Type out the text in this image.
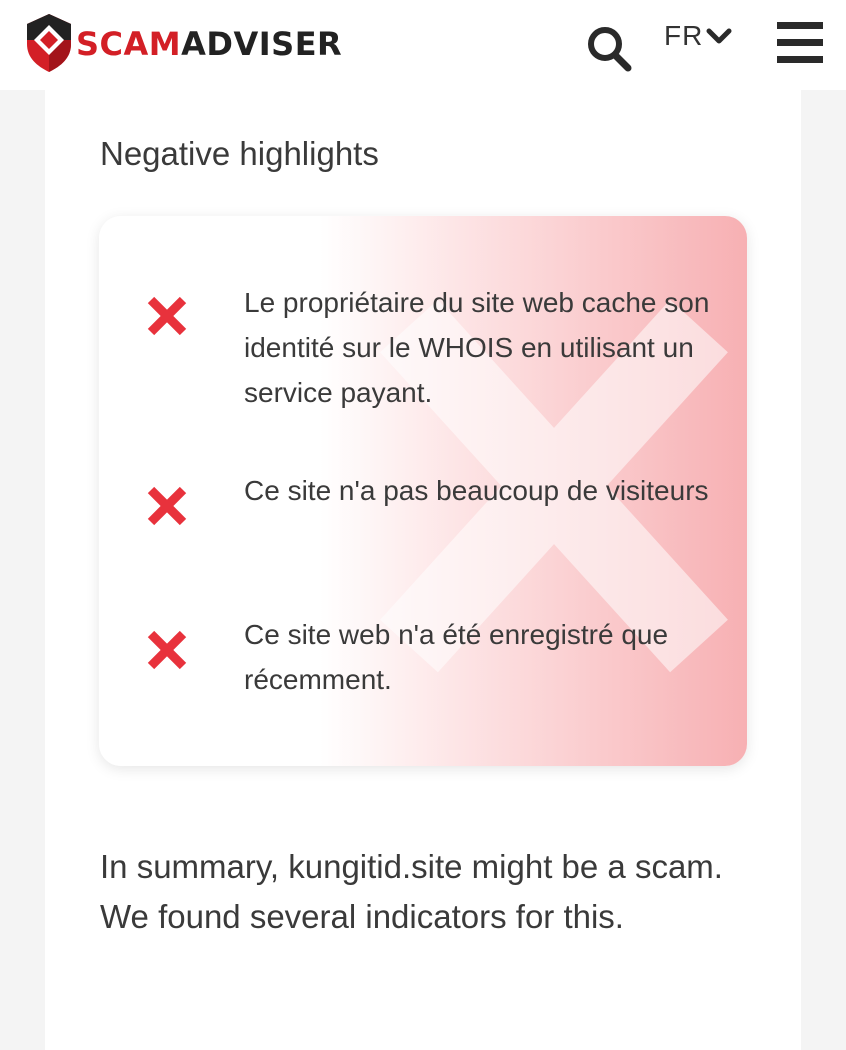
SCAMADVISER	FR
Negative highlights
Le propriétaire du site web cache son identité sur le WHOIS en utilisant un service payant.
Ce site n'a pas beaucoup de visiteurs
Ce site web n'a été enregistré que récemment.

In summary, kungitid.site might be a scam. We found several indicators for this.
